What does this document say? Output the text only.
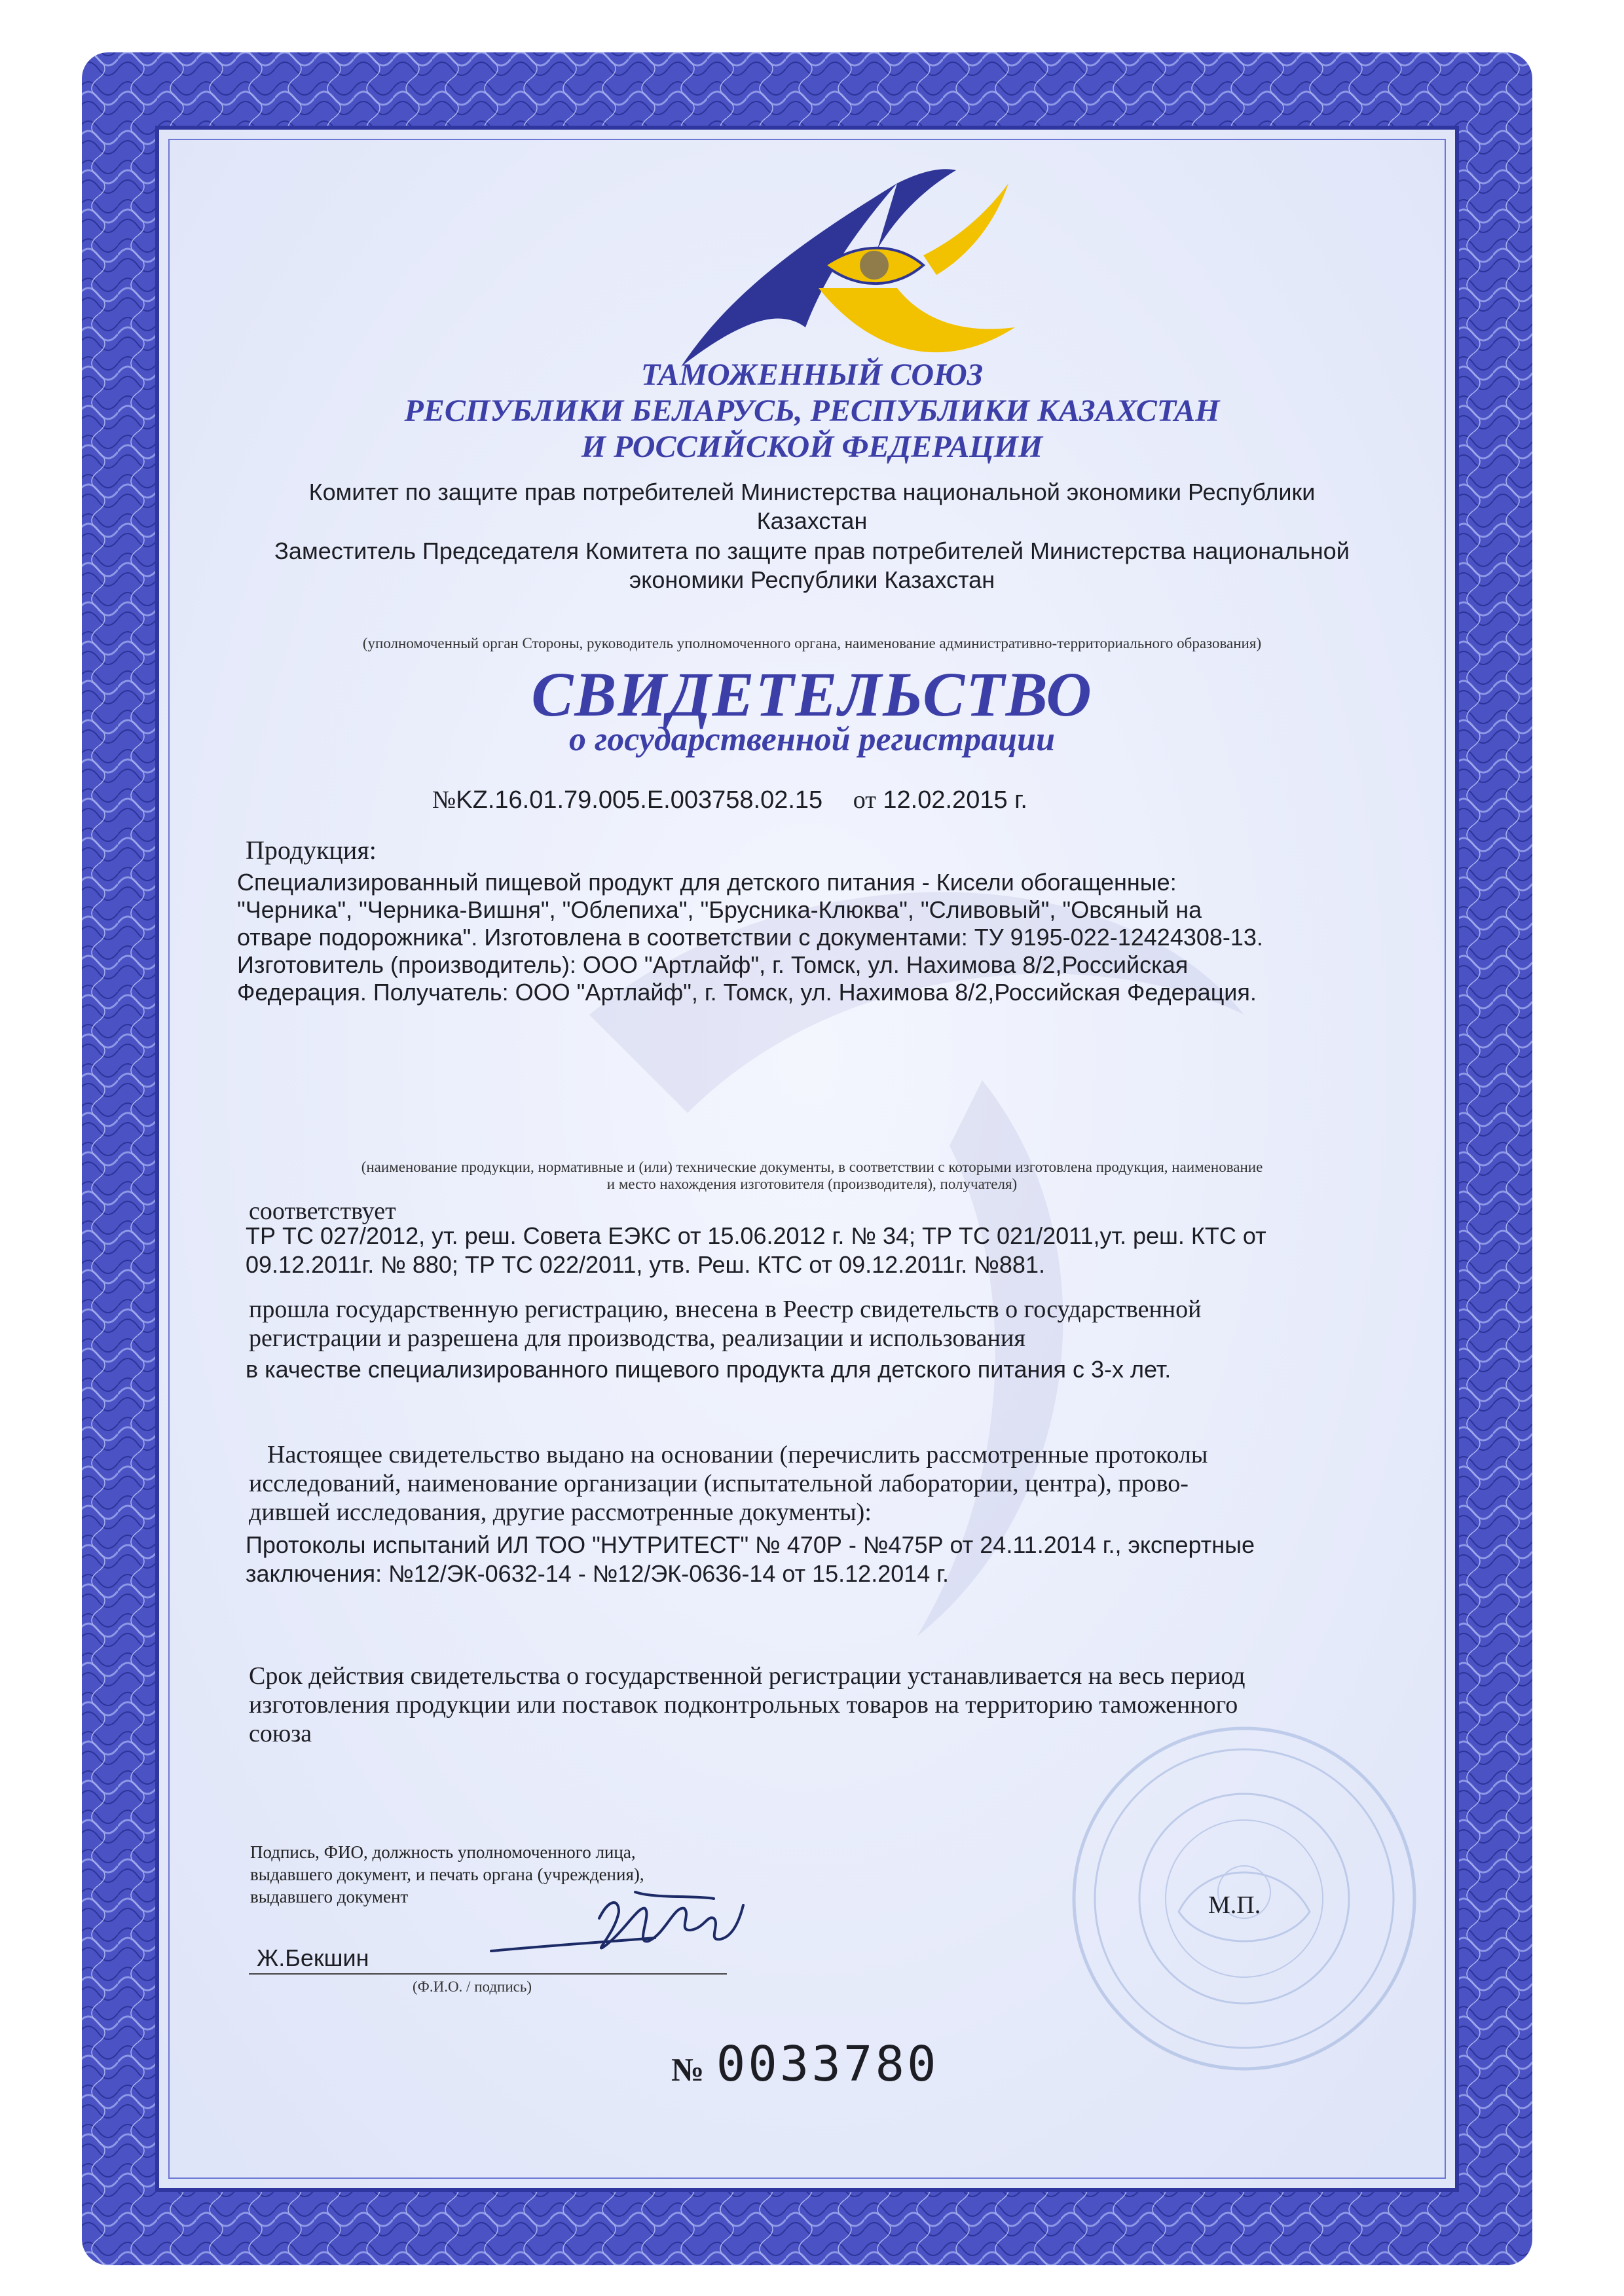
ТАМОЖЕННЫЙ СОЮЗ
РЕСПУБЛИКИ БЕЛАРУСЬ, РЕСПУБЛИКИ КАЗАХСТАН
И РОССИЙСКОЙ ФЕДЕРАЦИИ
Комитет по защите прав потребителей Министерства национальной экономики Республики
Казахстан
Заместитель Председателя Комитета по защите прав потребителей Министерства национальной
экономики Республики Казахстан
(уполномоченный орган Стороны, руководитель уполномоченного органа, наименование административно-территориального образования)
СВИДЕТЕЛЬСТВО
о государственной регистрации
№KZ.16.01.79.005.E.003758.02.15 от 12.02.2015 г.
Продукция:
Специализированный пищевой продукт для детского питания - Кисели обогащенные:
"Черника", "Черника-Вишня", "Облепиха", "Брусника-Клюква", "Сливовый", "Овсяный на
отваре подорожника". Изготовлена в соответствии с документами: ТУ 9195-022-12424308-13.
Изготовитель (производитель): ООО "Артлайф", г. Томск, ул. Нахимова 8/2,Российская
Федерация. Получатель: ООО "Артлайф", г. Томск, ул. Нахимова 8/2,Российская Федерация.
(наименование продукции, нормативные и (или) технические документы, в соответствии с которыми изготовлена продукция, наименование
и место нахождения изготовителя (производителя), получателя)
соответствует
ТР ТС 027/2012, ут. реш. Совета ЕЭКС от 15.06.2012 г. № 34; ТР ТС 021/2011,ут. реш. КТС от
09.12.2011г. № 880; ТР ТС 022/2011, утв. Реш. КТС от 09.12.2011г. №881.
прошла государственную регистрацию, внесена в Реестр свидетельств о государственной
регистрации и разрешена для производства, реализации и использования
в качестве специализированного пищевого продукта для детского питания с 3-х лет.
Настоящее свидетельство выдано на основании (перечислить рассмотренные протоколы
исследований, наименование организации (испытательной лаборатории, центра), прово-
дившей исследования, другие рассмотренные документы):
Протоколы испытаний ИЛ ТОО "НУТРИТЕСТ" № 470Р - №475Р от 24.11.2014 г., экспертные
заключения: №12/ЭК-0632-14 - №12/ЭК-0636-14 от 15.12.2014 г.
Срок действия свидетельства о государственной регистрации устанавливается на весь период
изготовления продукции или поставок подконтрольных товаров на территорию таможенного
союза
Подпись, ФИО, должность уполномоченного лица,
выдавшего документ, и печать органа (учреждения),
выдавшего документ	М.П.
Ж.Бекшин
(Ф.И.О. / подпись)
№ 0033780
